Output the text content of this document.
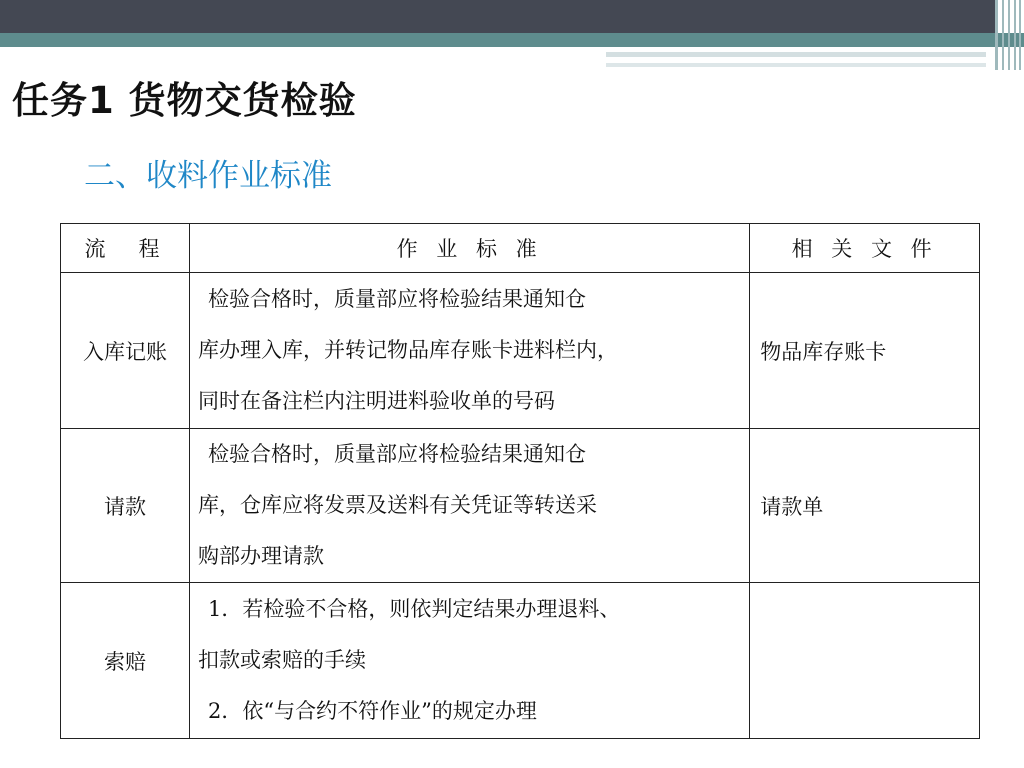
任务1 货物交货检验
二、收料作业标准
流　程	作 业 标 准	相 关 文 件
入库记账	检验合格时，质量部应将检验结果通知仓
库办理入库，并转记物品库存账卡进料栏内，
同时在备注栏内注明进料验收单的号码	物品库存账卡
请款	检验合格时，质量部应将检验结果通知仓
库，仓库应将发票及送料有关凭证等转送采
购部办理请款	请款单
索赔	1．若检验不合格，则依判定结果办理退料、
扣款或索赔的手续
2．依“与合约不符作业”的规定办理	
